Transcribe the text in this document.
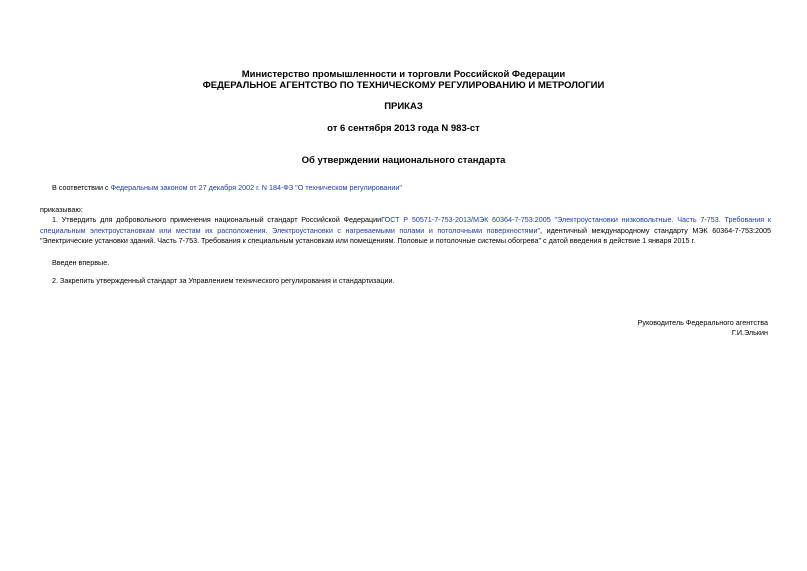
Министерство промышленности и торговли Российской Федерации
ФЕДЕРАЛЬНОЕ АГЕНТСТВО ПО ТЕХНИЧЕСКОМУ РЕГУЛИРОВАНИЮ И МЕТРОЛОГИИ
ПРИКАЗ
от 6 сентября 2013 года N 983-ст
Об утверждении национального стандарта
В соответствии с Федеральным законом от 27 декабря 2002 г. N 184-ФЗ "О техническом регулировании"
приказываю:
1. Утвердить для добровольного применения национальный стандарт Российской ФедерацииГОСТ Р 50571-7-753-2013/МЭК 60364-7-753:2005 "Электроустановки низковольтные. Часть 7-753. Требования к специальным электроустановкам или местам их расположения. Электроустановки с нагреваемыми полами и потолочными поверхностями", идентичный международному стандарту МЭК 60364-7-753:2005 "Электрические установки зданий. Часть 7-753. Требования к специальным установкам или помещениям. Половые и потолочные системы обогрева" с датой введения в действие 1 января 2015 г.
Введен впервые.
2. Закрепить утвержденный стандарт за Управлением технического регулирования и стандартизации.
Руководитель Федерального агентства
Г.И.Элькин
